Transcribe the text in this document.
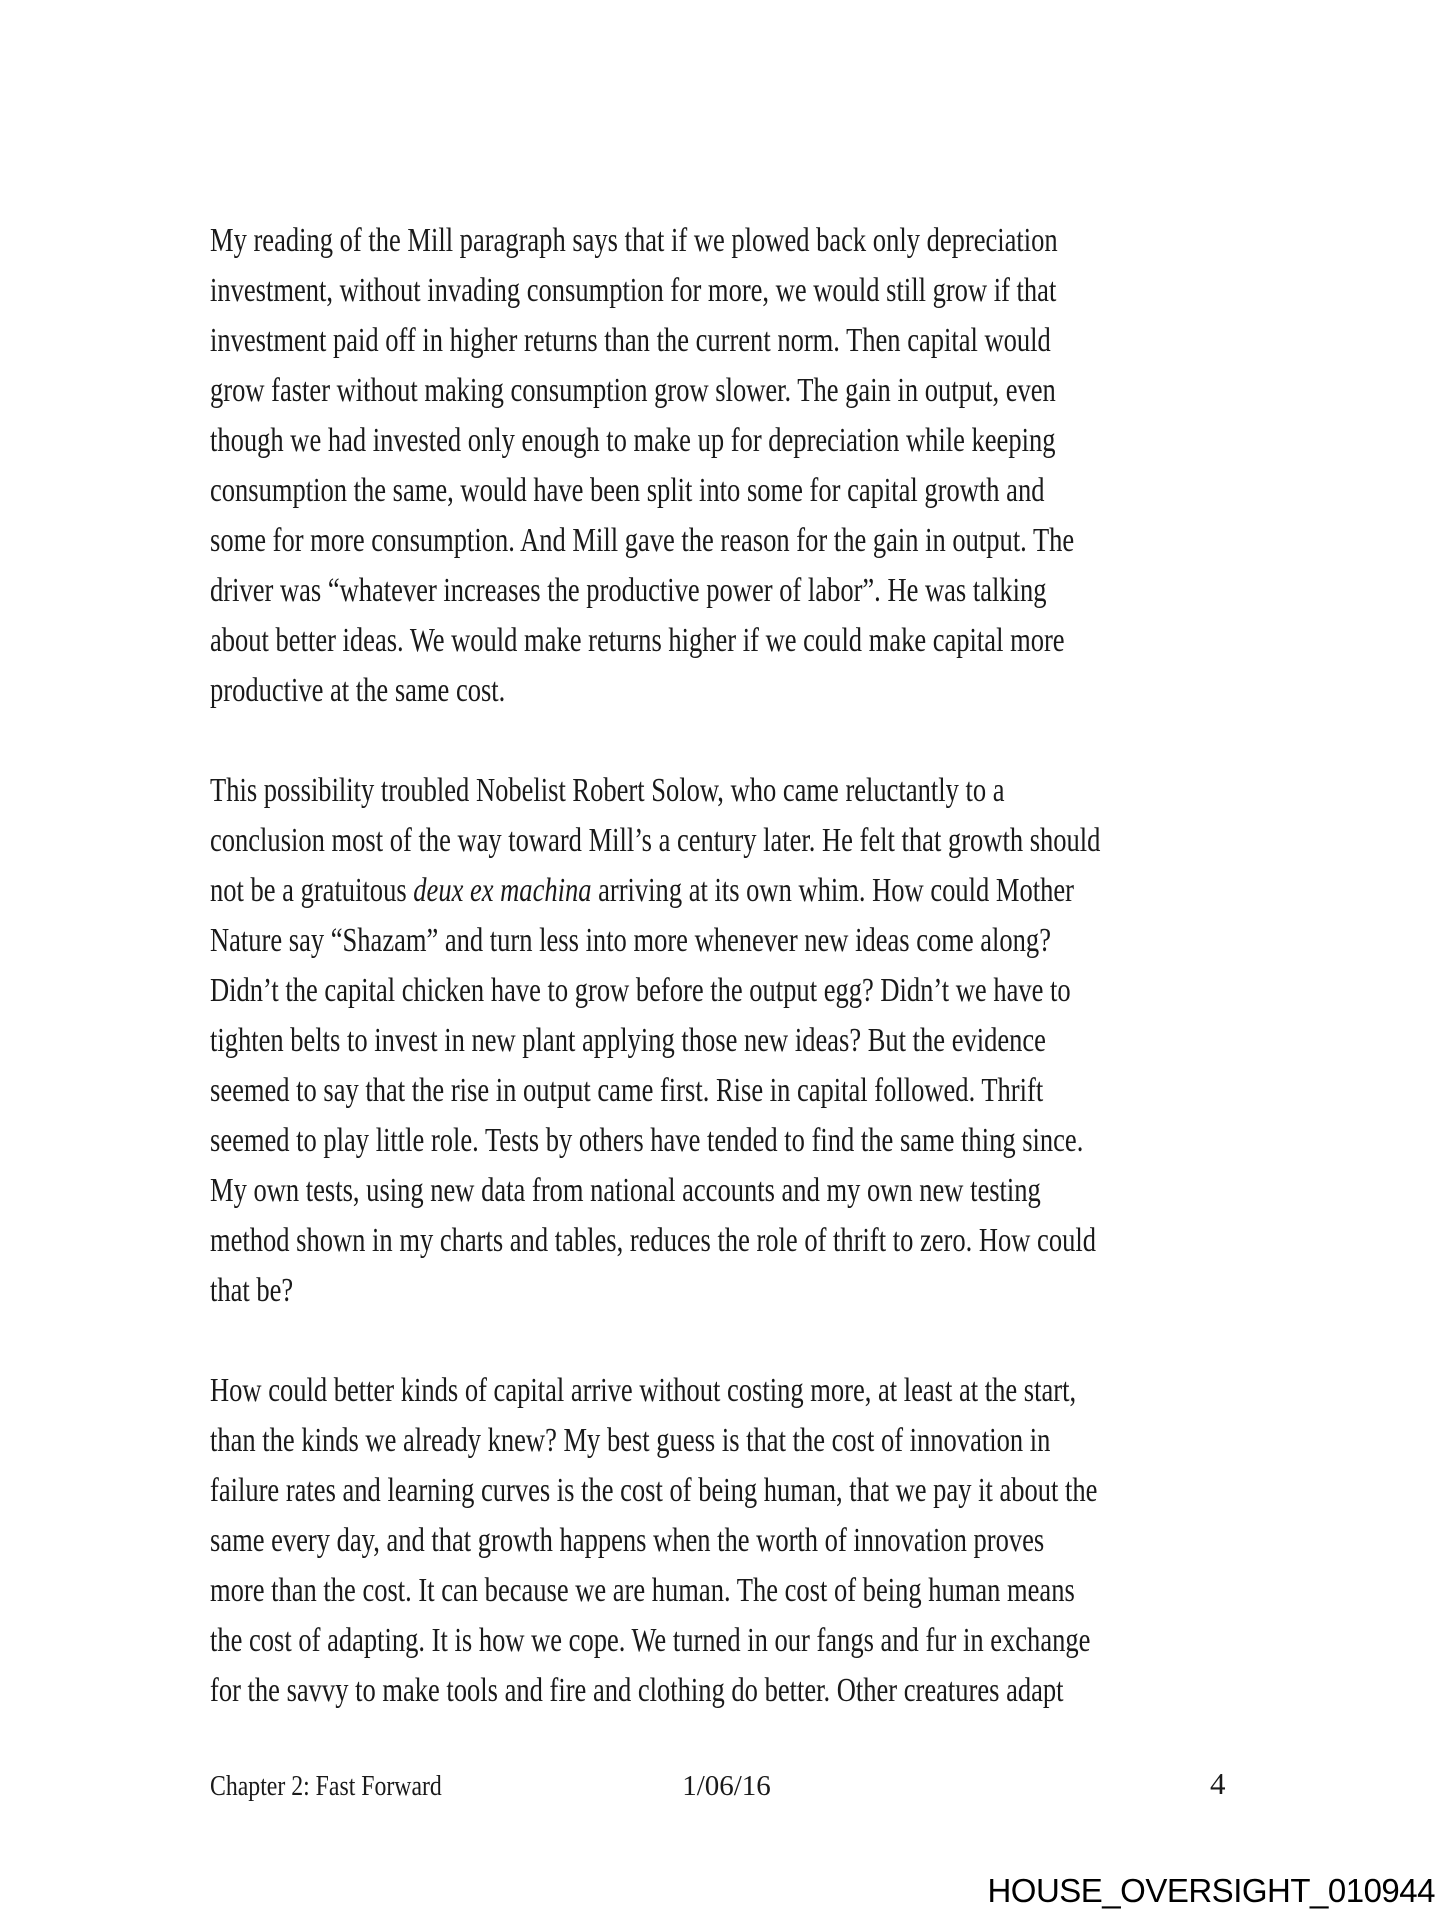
My reading of the Mill paragraph says that if we plowed back only depreciation
investment, without invading consumption for more, we would still grow if that
investment paid off in higher returns than the current norm. Then capital would
grow faster without making consumption grow slower. The gain in output, even
though we had invested only enough to make up for depreciation while keeping
consumption the same, would have been split into some for capital growth and
some for more consumption. And Mill gave the reason for the gain in output. The
driver was “whatever increases the productive power of labor”. He was talking
about better ideas. We would make returns higher if we could make capital more
productive at the same cost.
This possibility troubled Nobelist Robert Solow, who came reluctantly to a
conclusion most of the way toward Mill’s a century later. He felt that growth should
not be a gratuitous deux ex machina arriving at its own whim. How could Mother
Nature say “Shazam” and turn less into more whenever new ideas come along?
Didn’t the capital chicken have to grow before the output egg? Didn’t we have to
tighten belts to invest in new plant applying those new ideas? But the evidence
seemed to say that the rise in output came first. Rise in capital followed. Thrift
seemed to play little role. Tests by others have tended to find the same thing since.
My own tests, using new data from national accounts and my own new testing
method shown in my charts and tables, reduces the role of thrift to zero. How could
that be?
How could better kinds of capital arrive without costing more, at least at the start,
than the kinds we already knew? My best guess is that the cost of innovation in
failure rates and learning curves is the cost of being human, that we pay it about the
same every day, and that growth happens when the worth of innovation proves
more than the cost. It can because we are human. The cost of being human means
the cost of adapting. It is how we cope. We turned in our fangs and fur in exchange
for the savvy to make tools and fire and clothing do better. Other creatures adapt
Chapter 2: Fast Forward	1/06/16	4
HOUSE_OVERSIGHT_010944
